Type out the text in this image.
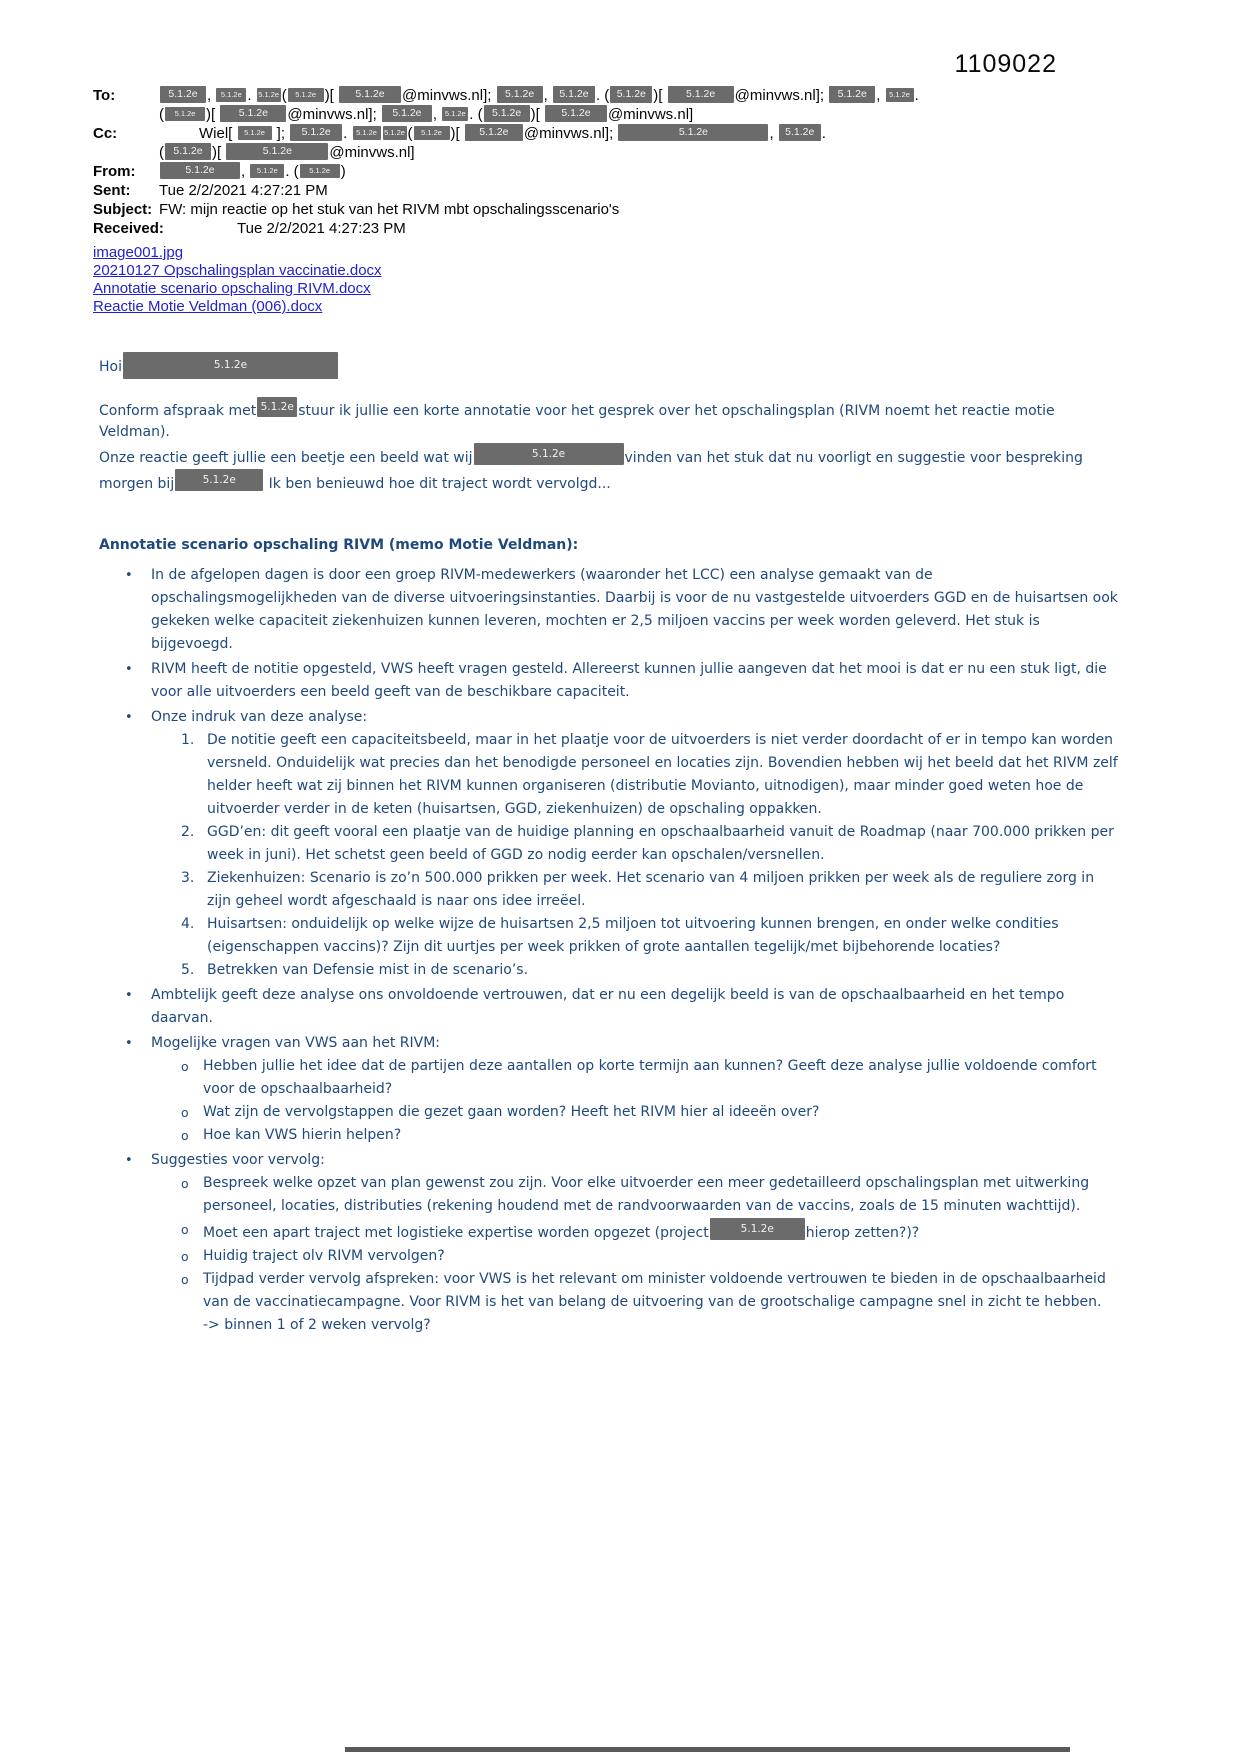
1109022
To:	5.1.2e , 5.1.2e . 5.1.2e ( 5.1.2e )[ 5.1.2e @minvws.nl]; 5.1.2e , 5.1.2e . ( 5.1.2e )[ 5.1.2e @minvws.nl]; 5.1.2e , 5.1.2e .
( 5.1.2e )[ 5.1.2e @minvws.nl]; 5.1.2e , 5.1.2e . ( 5.1.2e )[ 5.1.2e @minvws.nl]
Cc:	Wiel[ 5.1.2e ]; 5.1.2e . 5.1.2e 5.1.2e ( 5.1.2e )[ 5.1.2e @minvws.nl];	5.1.2e	, 5.1.2e .
( 5.1.2e )[	5.1.2e @minvws.nl]
From:	5.1.2e , 5.1.2e . ( 5.1.2e )
Sent:	Tue 2/2/2021 4:27:21 PM
Subject: FW: mijn reactie op het stuk van het RIVM mbt opschalingsscenario's
Received:	Tue 2/2/2021 4:27:23 PM
image001.jpg
20210127 Opschalingsplan vaccinatie.docx
Annotatie scenario opschaling RIVM.docx
Reactie Motie Veldman (006).docx
Hoi	5.1.2e
Conform afspraak met 5.1.2e stuur ik jullie een korte annotatie voor het gesprek over het opschalingsplan (RIVM noemt het reactie motie Veldman).
Onze reactie geeft jullie een beetje een beeld wat wij	5.1.2e	vinden van het stuk dat nu voorligt en suggestie voor bespreking morgen bij	5.1.2e Ik ben benieuwd hoe dit traject wordt vervolgd...
Annotatie scenario opschaling RIVM (memo Motie Veldman):
•	In de afgelopen dagen is door een groep RIVM-medewerkers (waaronder het LCC) een analyse gemaakt van de opschalingsmogelijkheden van de diverse uitvoeringsinstanties. Daarbij is voor de nu vastgestelde uitvoerders GGD en de huisartsen ook gekeken welke capaciteit ziekenhuizen kunnen leveren, mochten er 2,5 miljoen vaccins per week worden geleverd. Het stuk is bijgevoegd.
•	RIVM heeft de notitie opgesteld, VWS heeft vragen gesteld. Allereerst kunnen jullie aangeven dat het mooi is dat er nu een stuk ligt, die voor alle uitvoerders een beeld geeft van de beschikbare capaciteit.
•	Onze indruk van deze analyse:
1. De notitie geeft een capaciteitsbeeld, maar in het plaatje voor de uitvoerders is niet verder doordacht of er in tempo kan worden versneld. Onduidelijk wat precies dan het benodigde personeel en locaties zijn. Bovendien hebben wij het beeld dat het RIVM zelf helder heeft wat zij binnen het RIVM kunnen organiseren (distributie Movianto, uitnodigen), maar minder goed weten hoe de uitvoerder verder in de keten (huisartsen, GGD, ziekenhuizen) de opschaling oppakken.
2. GGD’en: dit geeft vooral een plaatje van de huidige planning en opschaalbaarheid vanuit de Roadmap (naar 700.000 prikken per week in juni). Het schetst geen beeld of GGD zo nodig eerder kan opschalen/versnellen.
3. Ziekenhuizen: Scenario is zo’n 500.000 prikken per week. Het scenario van 4 miljoen prikken per week als de reguliere zorg in zijn geheel wordt afgeschaald is naar ons idee irreëel.
4. Huisartsen: onduidelijk op welke wijze de huisartsen 2,5 miljoen tot uitvoering kunnen brengen, en onder welke condities (eigenschappen vaccins)? Zijn dit uurtjes per week prikken of grote aantallen tegelijk/met bijbehorende locaties?
5. Betrekken van Defensie mist in de scenario’s.
•	Ambtelijk geeft deze analyse ons onvoldoende vertrouwen, dat er nu een degelijk beeld is van de opschaalbaarheid en het tempo daarvan.
•	Mogelijke vragen van VWS aan het RIVM:
o	Hebben jullie het idee dat de partijen deze aantallen op korte termijn aan kunnen? Geeft deze analyse jullie voldoende comfort voor de opschaalbaarheid?
o	Wat zijn de vervolgstappen die gezet gaan worden? Heeft het RIVM hier al ideeën over?
o	Hoe kan VWS hierin helpen?
•	Suggesties voor vervolg:
o	Bespreek welke opzet van plan gewenst zou zijn. Voor elke uitvoerder een meer gedetailleerd opschalingsplan met uitwerking personeel, locaties, distributies (rekening houdend met de randvoorwaarden van de vaccins, zoals de 15 minuten wachttijd).
o	Moet een apart traject met logistieke expertise worden opgezet (project	5.1.2e hierop zetten?)?
o	Huidig traject olv RIVM vervolgen?
o	Tijdpad verder vervolg afspreken: voor VWS is het relevant om minister voldoende vertrouwen te bieden in de opschaalbaarheid van de vaccinatiecampagne. Voor RIVM is het van belang de uitvoering van de grootschalige campagne snel in zicht te hebben.
-> binnen 1 of 2 weken vervolg?
